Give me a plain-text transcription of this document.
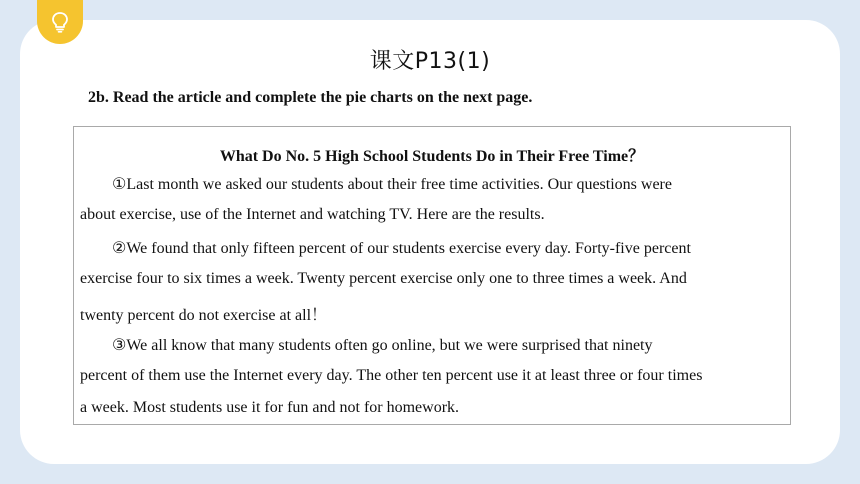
课文P13(1)
2b. Read the article and complete the pie charts on the next page.
What Do No. 5 High School Students Do in Their Free Time？
①Last month we asked our students about their free time activities. Our questions were
about exercise, use of the Internet and watching TV. Here are the results.
②We found that only fifteen percent of our students exercise every day. Forty-five percent
exercise four to six times a week. Twenty percent exercise only one to three times a week. And
twenty percent do not exercise at all！
③We all know that many students often go online, but we were surprised that ninety
percent of them use the Internet every day. The other ten percent use it at least three or four times
a week. Most students use it for fun and not for homework.
